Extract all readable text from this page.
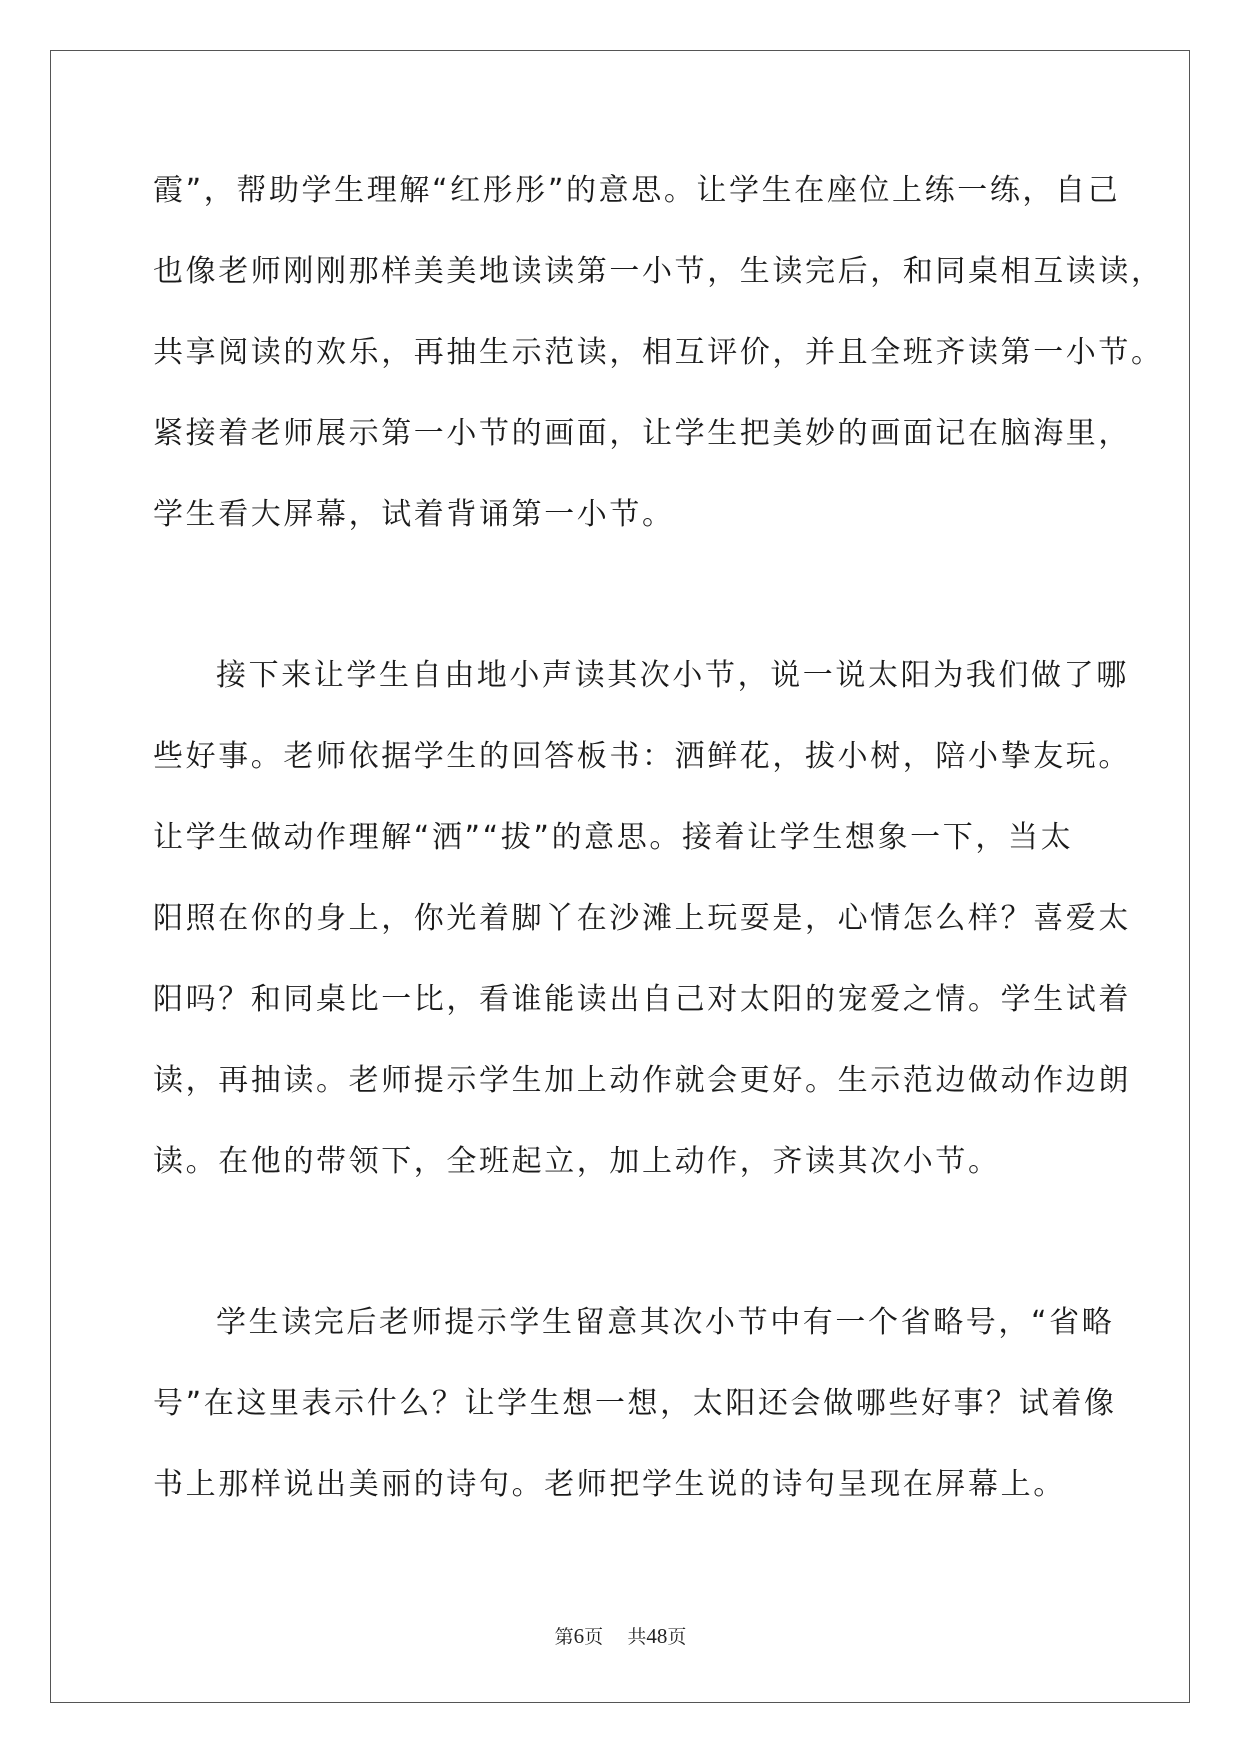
霞”，帮助学生理解“红彤彤”的意思。让学生在座位上练一练，自己
也像老师刚刚那样美美地读读第一小节，生读完后，和同桌相互读读，
共享阅读的欢乐，再抽生示范读，相互评价，并且全班齐读第一小节。
紧接着老师展示第一小节的画面，让学生把美妙的画面记在脑海里，
学生看大屏幕，试着背诵第一小节。

接下来让学生自由地小声读其次小节，说一说太阳为我们做了哪
些好事。老师依据学生的回答板书：洒鲜花，拔小树，陪小挚友玩。
让学生做动作理解“洒”“拔”的意思。接着让学生想象一下，当太
阳照在你的身上，你光着脚丫在沙滩上玩耍是，心情怎么样？喜爱太
阳吗？和同桌比一比，看谁能读出自己对太阳的宠爱之情。学生试着
读，再抽读。老师提示学生加上动作就会更好。生示范边做动作边朗
读。在他的带领下，全班起立，加上动作，齐读其次小节。

学生读完后老师提示学生留意其次小节中有一个省略号，“省略
号”在这里表示什么？让学生想一想，太阳还会做哪些好事？试着像
书上那样说出美丽的诗句。老师把学生说的诗句呈现在屏幕上。

第6页 共48页
